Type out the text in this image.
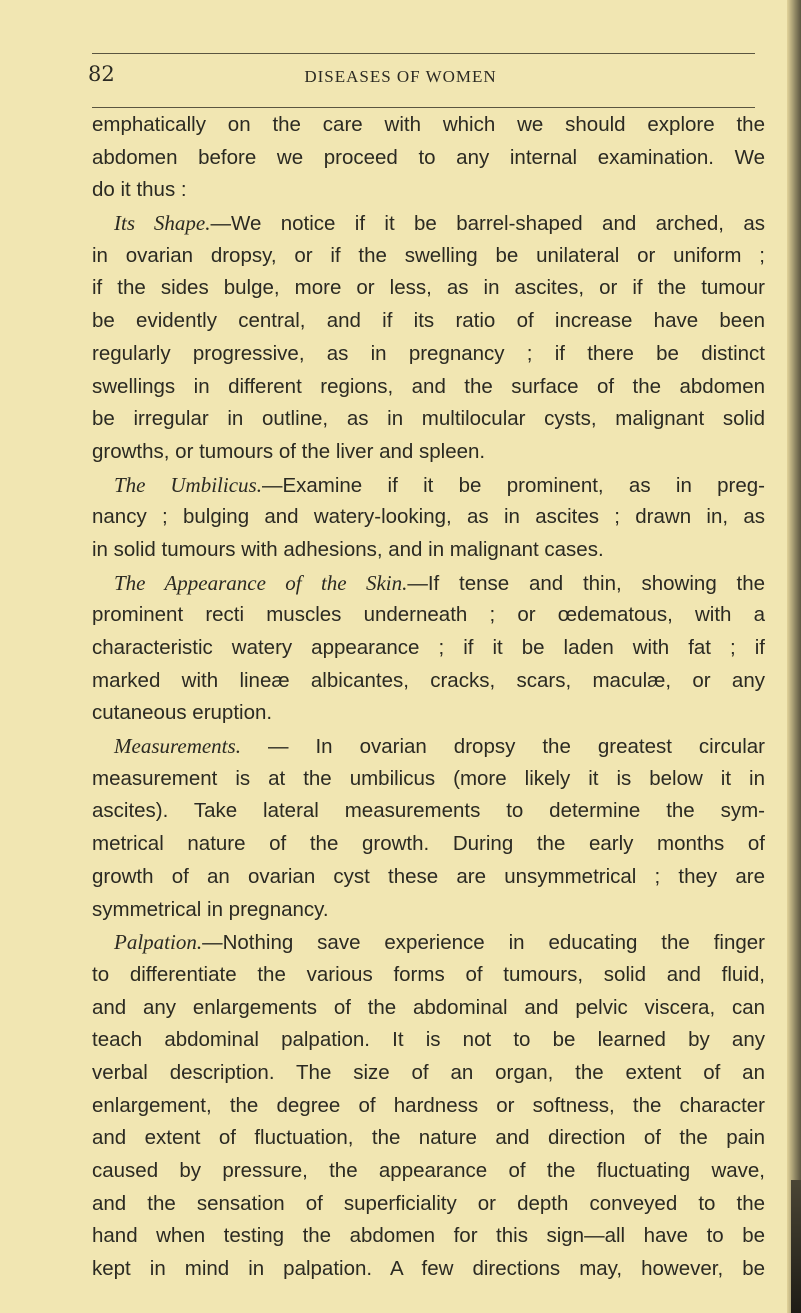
82	DISEASES OF WOMEN
emphatically on the care with which we should explore the
abdomen before we proceed to any internal examination. We
do it thus :
Its Shape.—We notice if it be barrel-shaped and arched, as
in ovarian dropsy, or if the swelling be unilateral or uniform ;
if the sides bulge, more or less, as in ascites, or if the tumour
be evidently central, and if its ratio of increase have been
regularly progressive, as in pregnancy ; if there be distinct
swellings in different regions, and the surface of the abdomen
be irregular in outline, as in multilocular cysts, malignant solid
growths, or tumours of the liver and spleen.
The Umbilicus.—Examine if it be prominent, as in preg-
nancy ; bulging and watery-looking, as in ascites ; drawn in, as
in solid tumours with adhesions, and in malignant cases.
The Appearance of the Skin.—If tense and thin, showing the
prominent recti muscles underneath ; or œdematous, with a
characteristic watery appearance ; if it be laden with fat ; if
marked with lineæ albicantes, cracks, scars, maculæ, or any
cutaneous eruption.
Measurements. — In ovarian dropsy the greatest circular
measurement is at the umbilicus (more likely it is below it in
ascites). Take lateral measurements to determine the sym-
metrical nature of the growth. During the early months of
growth of an ovarian cyst these are unsymmetrical ; they are
symmetrical in pregnancy.
Palpation.—Nothing save experience in educating the finger
to differentiate the various forms of tumours, solid and fluid,
and any enlargements of the abdominal and pelvic viscera, can
teach abdominal palpation. It is not to be learned by any
verbal description. The size of an organ, the extent of an
enlargement, the degree of hardness or softness, the character
and extent of fluctuation, the nature and direction of the pain
caused by pressure, the appearance of the fluctuating wave,
and the sensation of superficiality or depth conveyed to the
hand when testing the abdomen for this sign—all have to be
kept in mind in palpation. A few directions may, however, be
